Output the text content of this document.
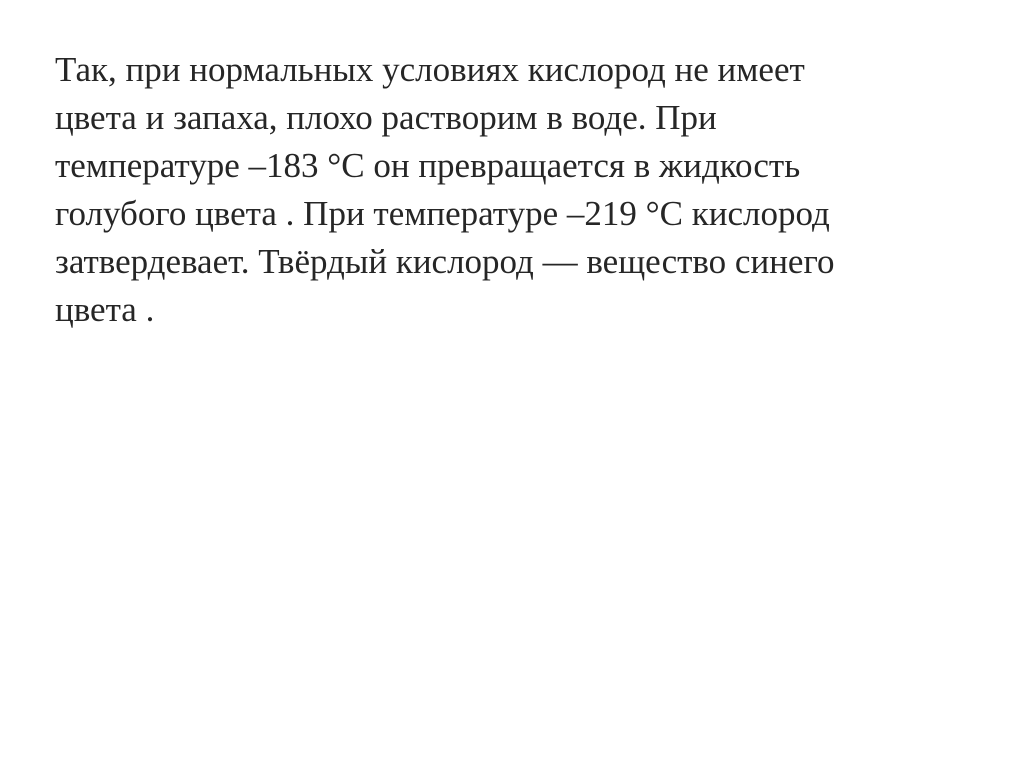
Так, при нормальных условиях кислород не имеет
цвета и запаха, плохо растворим в воде. При
температуре –183 °С он превращается в жидкость
голубого цвета . При температуре –219 °С кислород
затвердевает. Твёрдый кислород — вещество синего
цвета .
